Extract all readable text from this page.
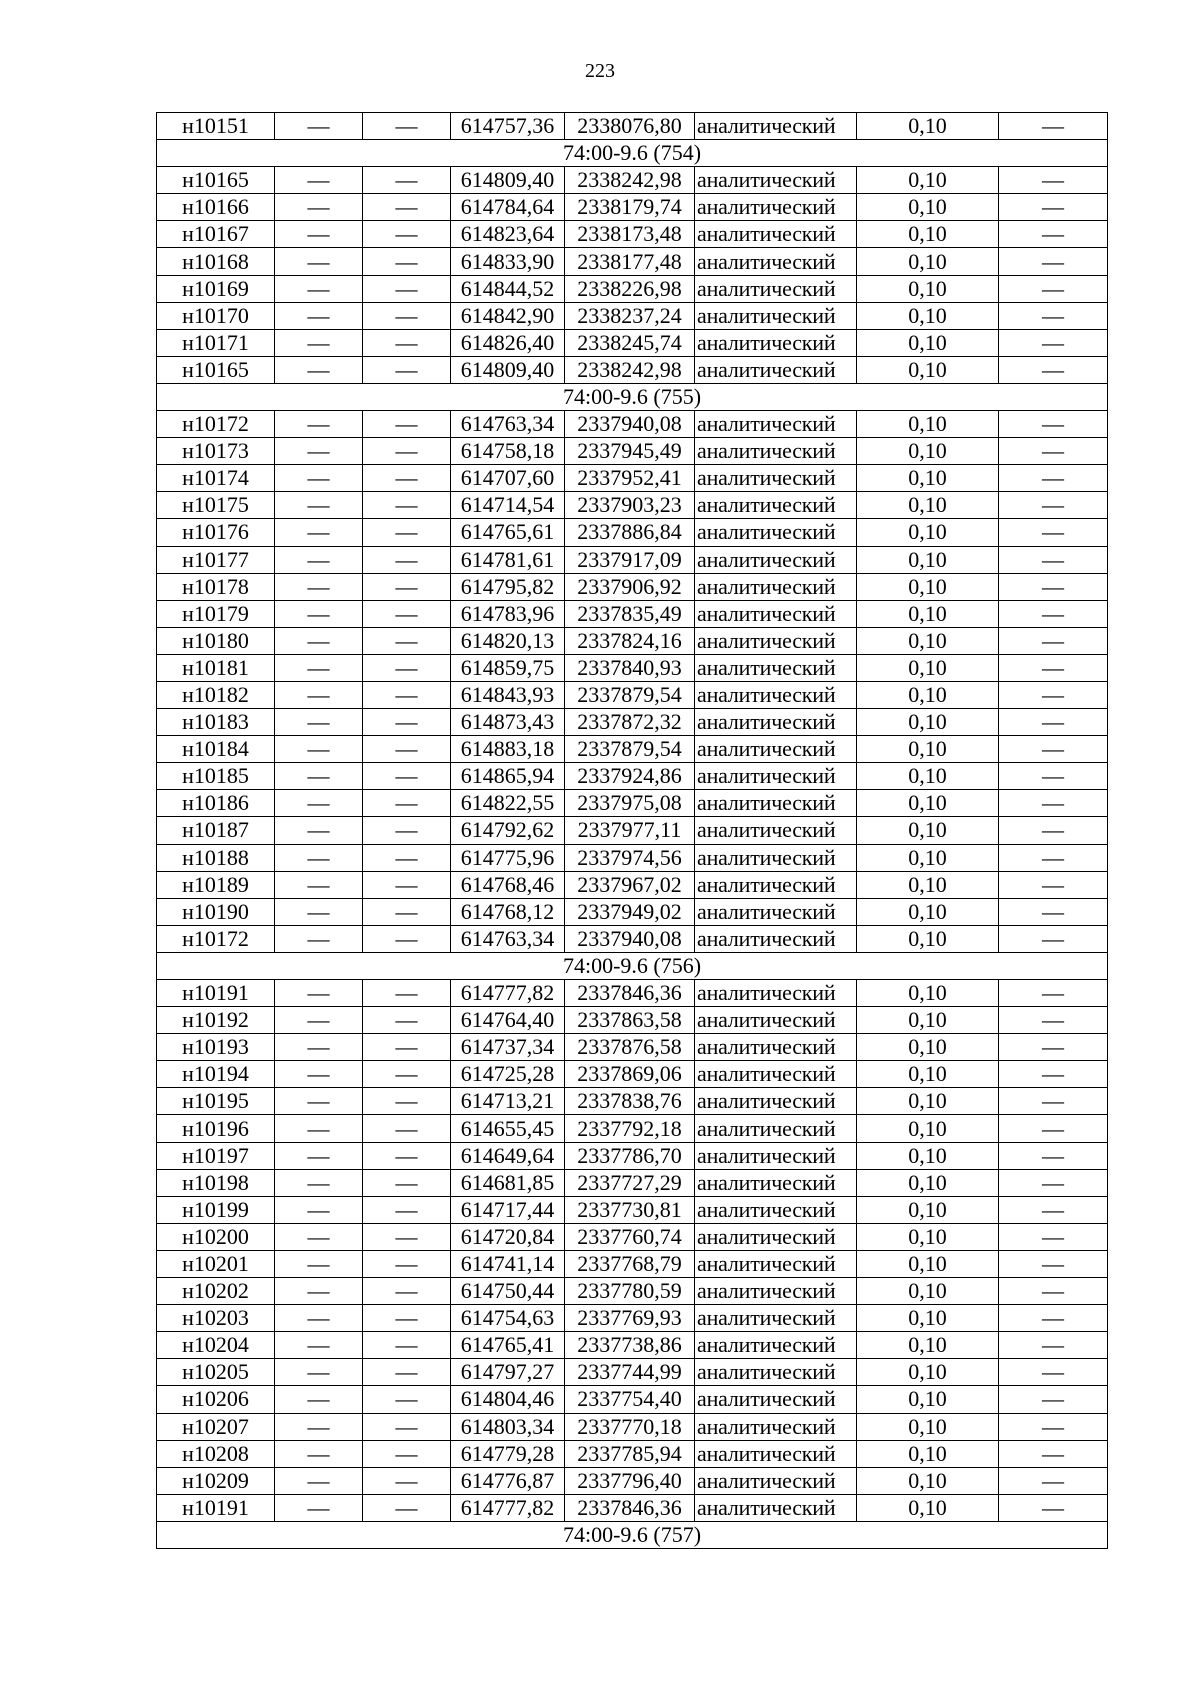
223
н10151	—	—	614757,36	2338076,80	аналитический	0,10	—
74:00-9.6 (754)							
н10165	—	—	614809,40	2338242,98	аналитический	0,10	—
н10166	—	—	614784,64	2338179,74	аналитический	0,10	—
н10167	—	—	614823,64	2338173,48	аналитический	0,10	—
н10168	—	—	614833,90	2338177,48	аналитический	0,10	—
н10169	—	—	614844,52	2338226,98	аналитический	0,10	—
н10170	—	—	614842,90	2338237,24	аналитический	0,10	—
н10171	—	—	614826,40	2338245,74	аналитический	0,10	—
н10165	—	—	614809,40	2338242,98	аналитический	0,10	—
74:00-9.6 (755)							
н10172	—	—	614763,34	2337940,08	аналитический	0,10	—
н10173	—	—	614758,18	2337945,49	аналитический	0,10	—
н10174	—	—	614707,60	2337952,41	аналитический	0,10	—
н10175	—	—	614714,54	2337903,23	аналитический	0,10	—
н10176	—	—	614765,61	2337886,84	аналитический	0,10	—
н10177	—	—	614781,61	2337917,09	аналитический	0,10	—
н10178	—	—	614795,82	2337906,92	аналитический	0,10	—
н10179	—	—	614783,96	2337835,49	аналитический	0,10	—
н10180	—	—	614820,13	2337824,16	аналитический	0,10	—
н10181	—	—	614859,75	2337840,93	аналитический	0,10	—
н10182	—	—	614843,93	2337879,54	аналитический	0,10	—
н10183	—	—	614873,43	2337872,32	аналитический	0,10	—
н10184	—	—	614883,18	2337879,54	аналитический	0,10	—
н10185	—	—	614865,94	2337924,86	аналитический	0,10	—
н10186	—	—	614822,55	2337975,08	аналитический	0,10	—
н10187	—	—	614792,62	2337977,11	аналитический	0,10	—
н10188	—	—	614775,96	2337974,56	аналитический	0,10	—
н10189	—	—	614768,46	2337967,02	аналитический	0,10	—
н10190	—	—	614768,12	2337949,02	аналитический	0,10	—
н10172	—	—	614763,34	2337940,08	аналитический	0,10	—
74:00-9.6 (756)							
н10191	—	—	614777,82	2337846,36	аналитический	0,10	—
н10192	—	—	614764,40	2337863,58	аналитический	0,10	—
н10193	—	—	614737,34	2337876,58	аналитический	0,10	—
н10194	—	—	614725,28	2337869,06	аналитический	0,10	—
н10195	—	—	614713,21	2337838,76	аналитический	0,10	—
н10196	—	—	614655,45	2337792,18	аналитический	0,10	—
н10197	—	—	614649,64	2337786,70	аналитический	0,10	—
н10198	—	—	614681,85	2337727,29	аналитический	0,10	—
н10199	—	—	614717,44	2337730,81	аналитический	0,10	—
н10200	—	—	614720,84	2337760,74	аналитический	0,10	—
н10201	—	—	614741,14	2337768,79	аналитический	0,10	—
н10202	—	—	614750,44	2337780,59	аналитический	0,10	—
н10203	—	—	614754,63	2337769,93	аналитический	0,10	—
н10204	—	—	614765,41	2337738,86	аналитический	0,10	—
н10205	—	—	614797,27	2337744,99	аналитический	0,10	—
н10206	—	—	614804,46	2337754,40	аналитический	0,10	—
н10207	—	—	614803,34	2337770,18	аналитический	0,10	—
н10208	—	—	614779,28	2337785,94	аналитический	0,10	—
н10209	—	—	614776,87	2337796,40	аналитический	0,10	—
н10191	—	—	614777,82	2337846,36	аналитический	0,10	—
74:00-9.6 (757)							
